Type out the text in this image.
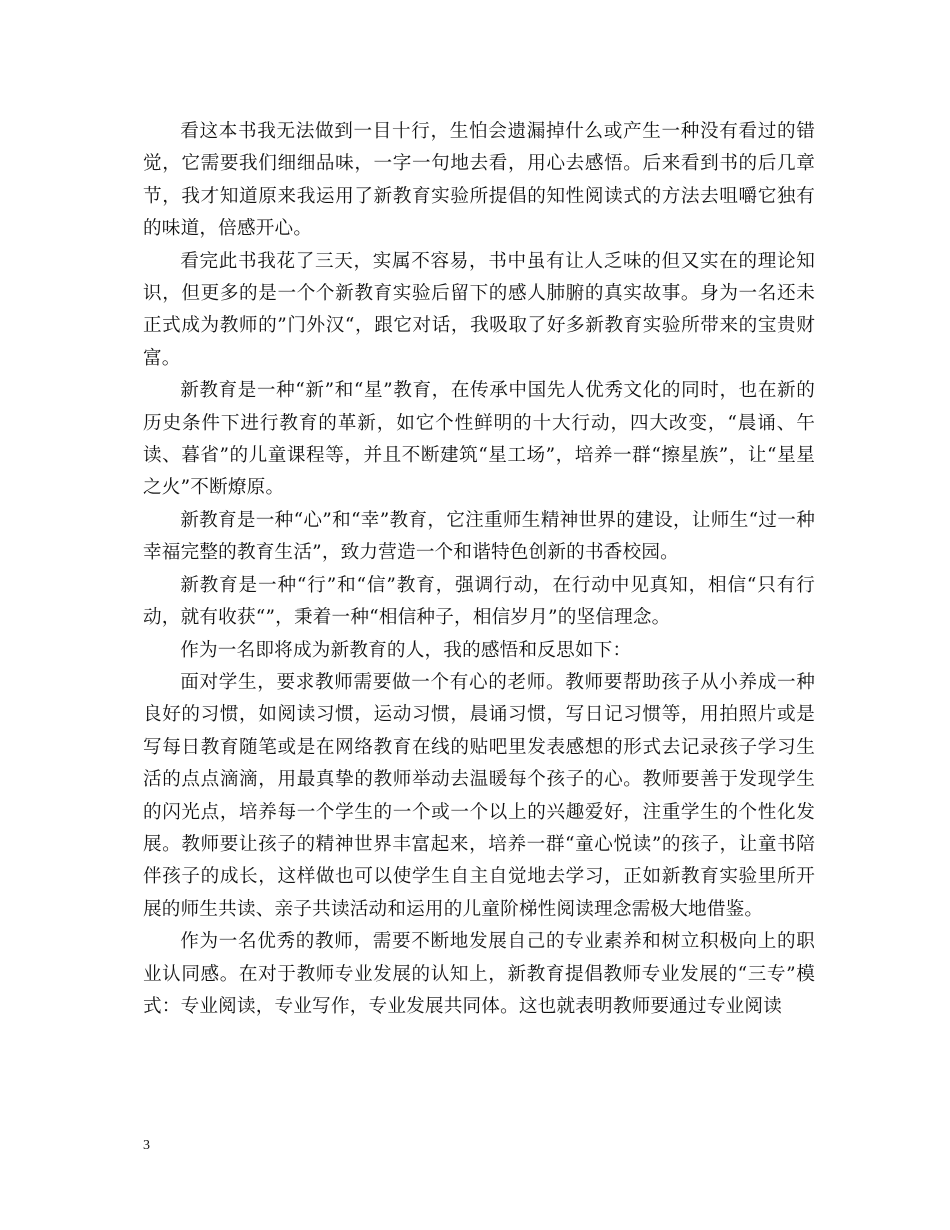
看这本书我无法做到一目十行，生怕会遗漏掉什么或产生一种没有看过的错觉，它需要我们细细品味，一字一句地去看，用心去感悟。后来看到书的后几章节，我才知道原来我运用了新教育实验所提倡的知性阅读式的方法去咀嚼它独有的味道，倍感开心。

看完此书我花了三天，实属不容易，书中虽有让人乏味的但又实在的理论知识，但更多的是一个个新教育实验后留下的感人肺腑的真实故事。身为一名还未正式成为教师的”门外汉“，跟它对话，我吸取了好多新教育实验所带来的宝贵财富。

新教育是一种“新”和“星”教育，在传承中国先人优秀文化的同时，也在新的历史条件下进行教育的革新，如它个性鲜明的十大行动，四大改变，“晨诵、午读、暮省”的儿童课程等，并且不断建筑“星工场”，培养一群“擦星族”，让“星星之火”不断燎原。

新教育是一种“心”和“幸”教育，它注重师生精神世界的建设，让师生“过一种幸福完整的教育生活”，致力营造一个和谐特色创新的书香校园。

新教育是一种“行”和“信”教育，强调行动，在行动中见真知，相信“只有行动，就有收获“”，秉着一种“相信种子，相信岁月”的坚信理念。

作为一名即将成为新教育的人，我的感悟和反思如下：

面对学生，要求教师需要做一个有心的老师。教师要帮助孩子从小养成一种良好的习惯，如阅读习惯，运动习惯，晨诵习惯，写日记习惯等，用拍照片或是写每日教育随笔或是在网络教育在线的贴吧里发表感想的形式去记录孩子学习生活的点点滴滴，用最真挚的教师举动去温暖每个孩子的心。教师要善于发现学生的闪光点，培养每一个学生的一个或一个以上的兴趣爱好，注重学生的个性化发展。教师要让孩子的精神世界丰富起来，培养一群“童心悦读”的孩子，让童书陪伴孩子的成长，这样做也可以使学生自主自觉地去学习，正如新教育实验里所开展的师生共读、亲子共读活动和运用的儿童阶梯性阅读理念需极大地借鉴。

作为一名优秀的教师，需要不断地发展自己的专业素养和树立积极向上的职业认同感。在对于教师专业发展的认知上，新教育提倡教师专业发展的“三专”模式：专业阅读，专业写作，专业发展共同体。这也就表明教师要通过专业阅读

3
